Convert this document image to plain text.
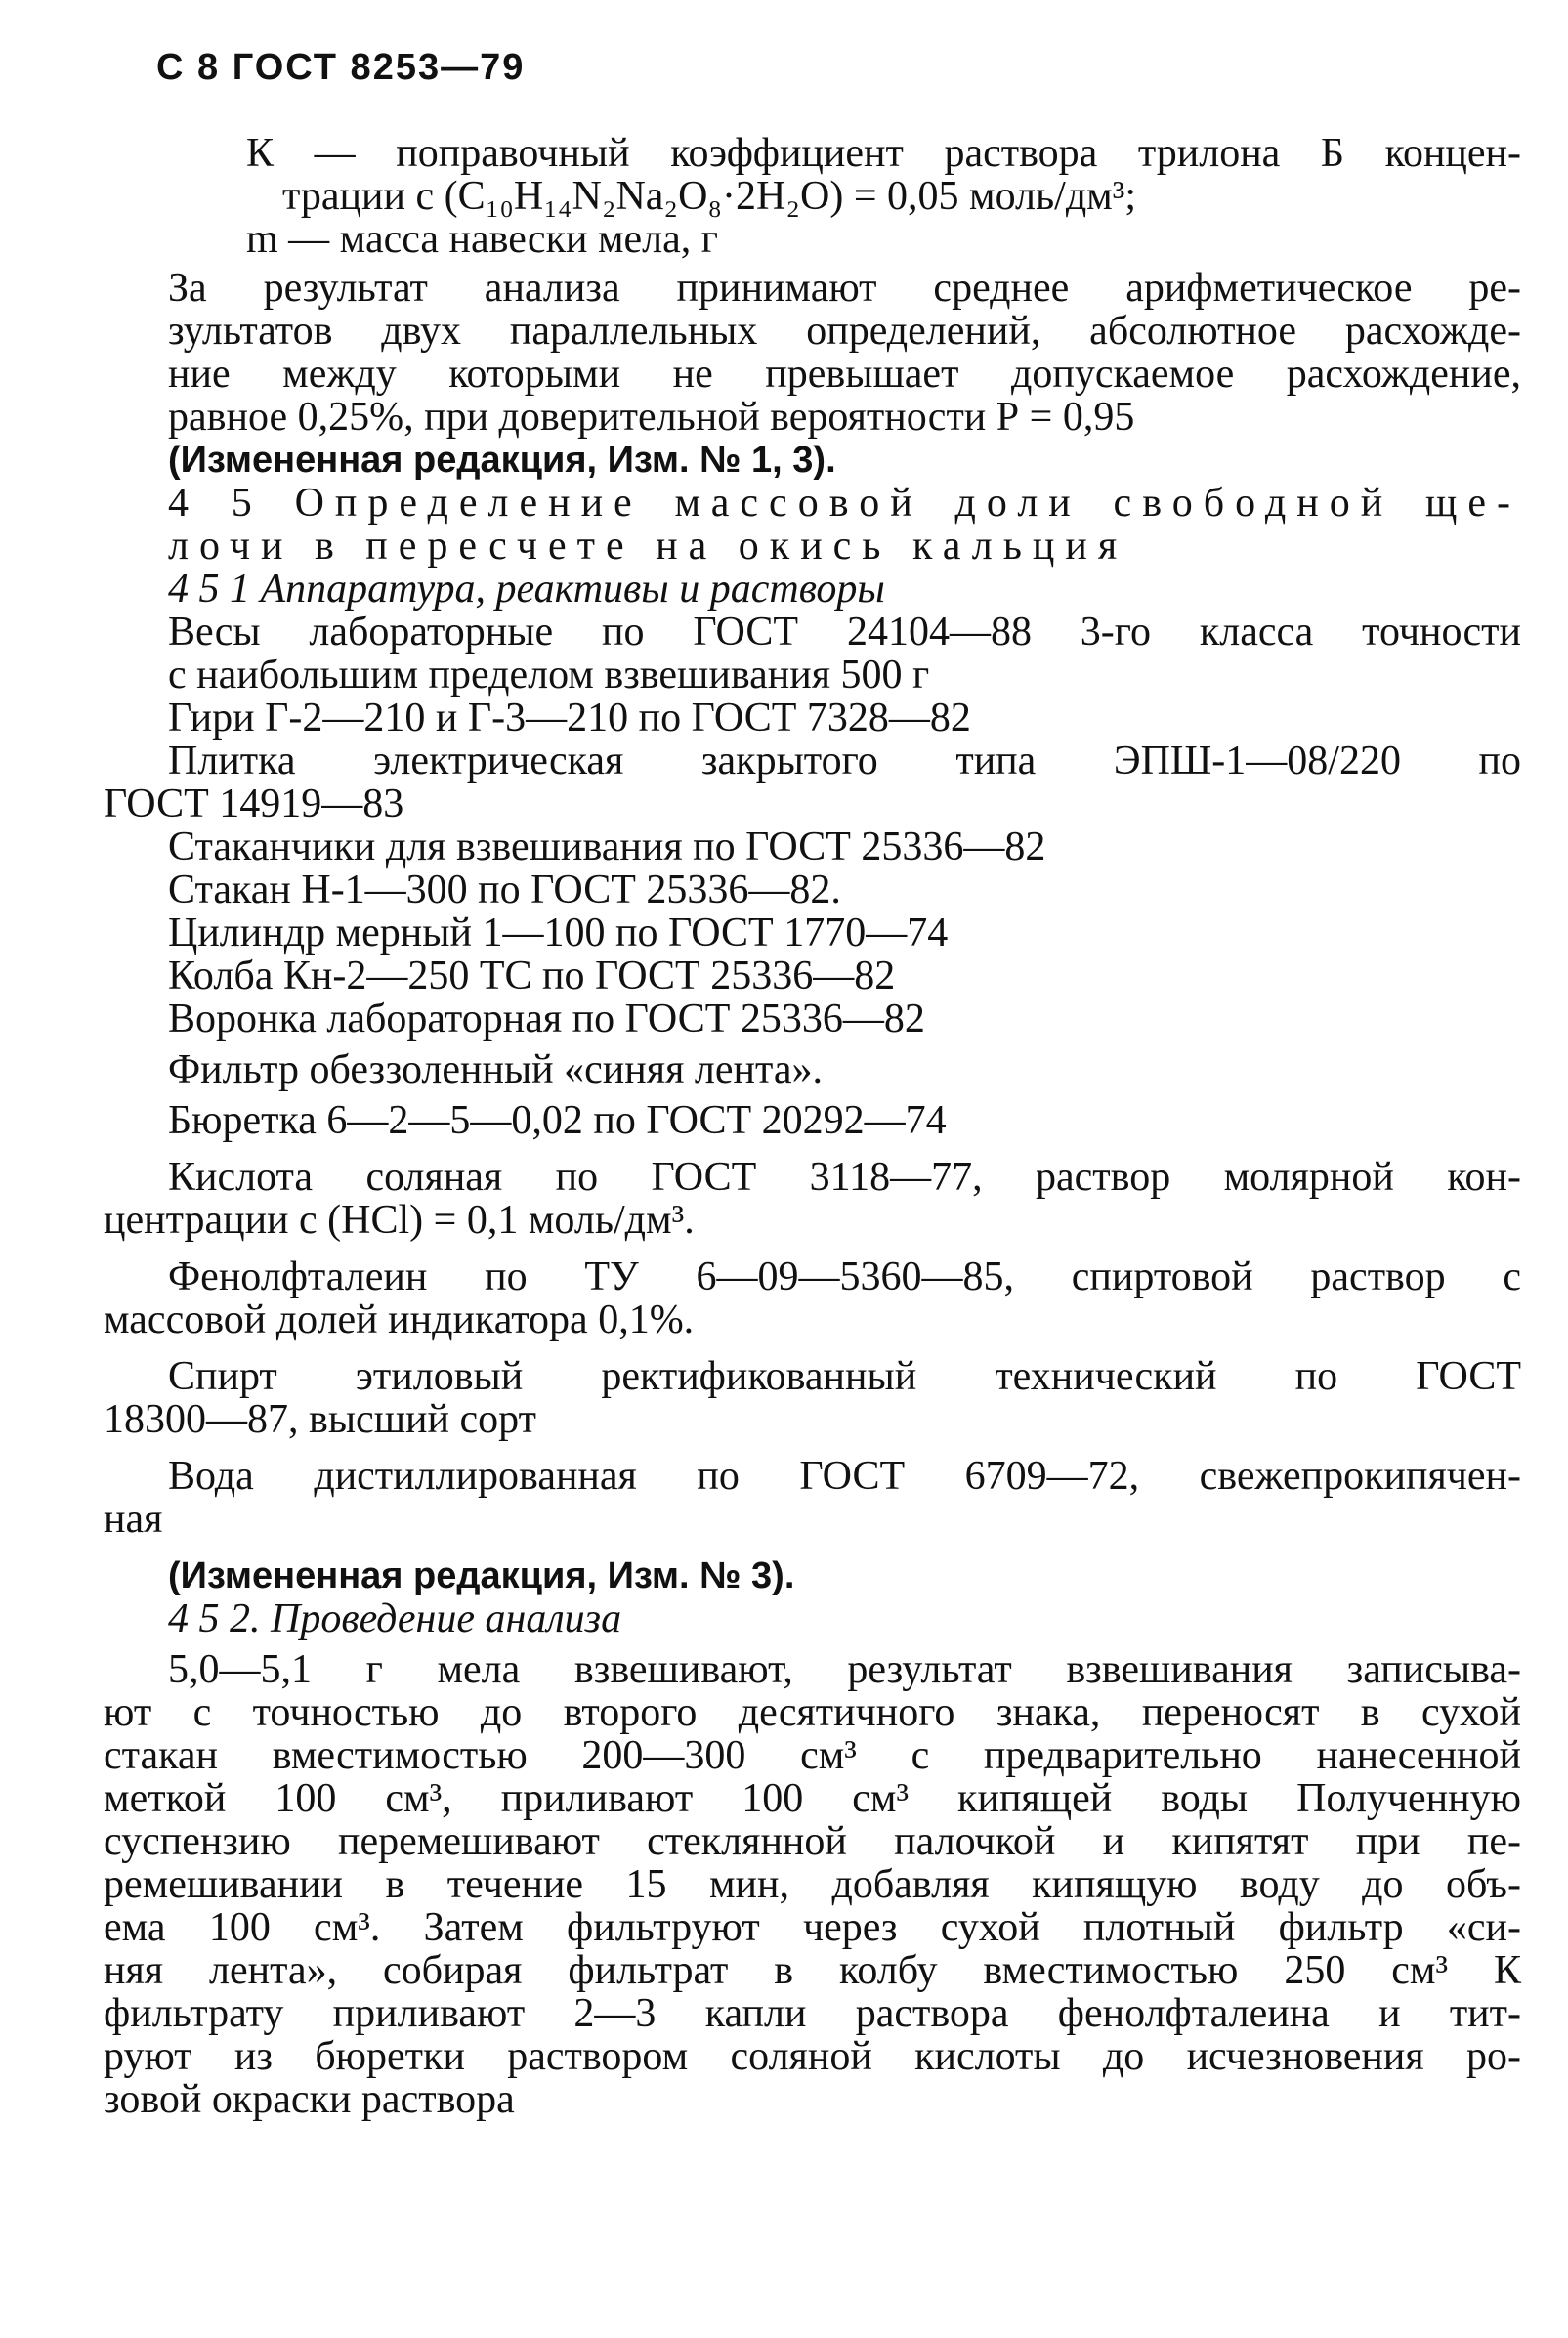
С 8 ГОСТ 8253—79
К — поправочный коэффициент раствора трилона Б концен-
трации с (C₁₀H₁₄N₂Na₂O₈·2H₂O) = 0,05 моль/дм³;
m — масса навески мела, г
За результат анализа принимают среднее арифметическое ре-
зультатов двух параллельных определений, абсолютное расхожде-
ние между которыми не превышает допускаемое расхождение,
равное 0,25%, при доверительной вероятности Р = 0,95
(Измененная редакция, Изм. № 1, 3).
4 5 Определение массовой доли свободной ще-
лочи в пересчете на окись кальция
4 5 1 Аппаратура, реактивы и растворы
Весы лабораторные по ГОСТ 24104—88 3-го класса точности
с наибольшим пределом взвешивания 500 г
Гири Г-2—210 и Г-3—210 по ГОСТ 7328—82
Плитка электрическая закрытого типа ЭПШ-1—08/220 по
ГОСТ 14919—83
Стаканчики для взвешивания по ГОСТ 25336—82
Стакан Н-1—300 по ГОСТ 25336—82.
Цилиндр мерный 1—100 по ГОСТ 1770—74
Колба Кн-2—250 ТС по ГОСТ 25336—82
Воронка лабораторная по ГОСТ 25336—82
Фильтр обеззоленный «синяя лента».
Бюретка 6—2—5—0,02 по ГОСТ 20292—74
Кислота соляная по ГОСТ 3118—77, раствор молярной кон-
центрации с (HCl) = 0,1 моль/дм³.
Фенолфталеин по ТУ 6—09—5360—85, спиртовой раствор с
массовой долей индикатора 0,1%.
Спирт этиловый ректификованный технический по ГОСТ
18300—87, высший сорт
Вода дистиллированная по ГОСТ 6709—72, свежепрокипячен-
ная
(Измененная редакция, Изм. № 3).
4 5 2. Проведение анализа
5,0—5,1 г мела взвешивают, результат взвешивания записыва-
ют с точностью до второго десятичного знака, переносят в сухой
стакан вместимостью 200—300 см³ с предварительно нанесенной
меткой 100 см³, приливают 100 см³ кипящей воды Полученную
суспензию перемешивают стеклянной палочкой и кипятят при пе-
ремешивании в течение 15 мин, добавляя кипящую воду до объ-
ема 100 см³. Затем фильтруют через сухой плотный фильтр «си-
няя лента», собирая фильтрат в колбу вместимостью 250 см³ К
фильтрату приливают 2—3 капли раствора фенолфталеина и тит-
руют из бюретки раствором соляной кислоты до исчезновения ро-
зовой окраски раствора
